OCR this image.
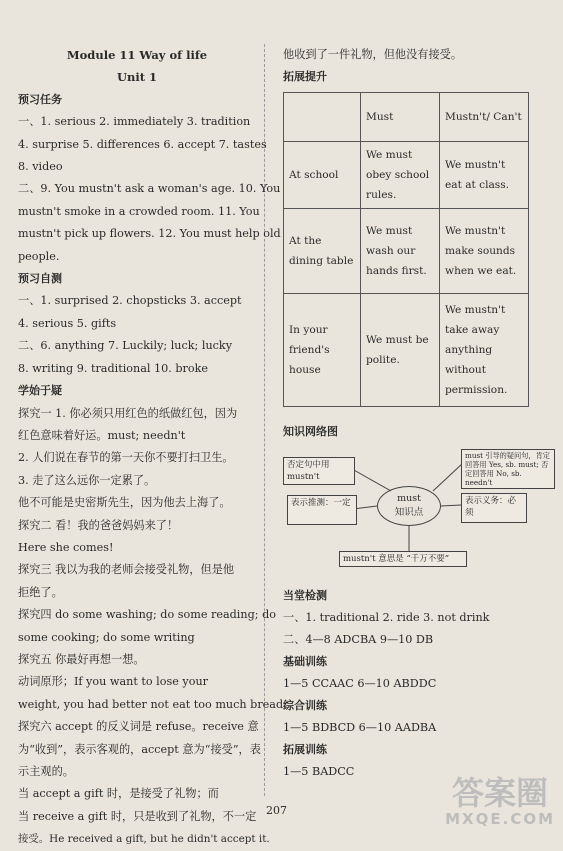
Module 11 Way of life
Unit 1
预习任务
一、1. serious 2. immediately 3. tradition
4. surprise 5. differences 6. accept 7. tastes
8. video
二、9. You mustn't ask a woman's age. 10. You
mustn't smoke in a crowded room. 11. You
mustn't pick up flowers. 12. You must help old
people.
预习自测
一、1. surprised 2. chopsticks 3. accept
4. serious 5. gifts
二、6. anything 7. Luckily; luck; lucky
8. writing 9. traditional 10. broke
学始于疑
探究一 1. 你必须只用红色的纸做红包，因为
红色意味着好运。must; needn't
2. 人们说在春节的第一天你不要打扫卫生。
3. 走了这么远你一定累了。
他不可能是史密斯先生，因为他去上海了。
探究二 看！我的爸爸妈妈来了！
Here she comes!
探究三 我以为我的老师会接受礼物，但是他
拒绝了。
探究四 do some washing; do some reading; do
some cooking; do some writing
探究五 你最好再想一想。
动词原形；If you want to lose your
weight, you had better not eat too much bread.
探究六 accept 的反义词是 refuse。receive 意
为“收到”，表示客观的，accept 意为“接受”，表
示主观的。
当 accept a gift 时，是接受了礼物；而
当 receive a gift 时，只是收到了礼物，不一定
接受。He received a gift, but he didn't accept it.
他收到了一件礼物，但他没有接受。
拓展提升
	Must	Mustn't/ Can't
At school	We must obey school rules.	We mustn't eat at class.
At the dining table	We must wash our hands first.	We mustn't make sounds when we eat.
In your friend's house	We must be polite.	We mustn't take away anything without permission.
知识网络图
否定句中用 mustn't
must 引导的疑问句，肯定回答用 Yes, sb. must; 否定回答用 No, sb. needn't
表示推测：一定	must
知识点
表示义务：必须
mustn't 意思是 “千万不要”
当堂检测
一、1. traditional 2. ride 3. not drink
二、4—8 ADCBA 9—10 DB
基础训练
1—5 CCAAC 6—10 ABDDC
综合训练
1—5 BDBCD 6—10 AADBA
拓展训练
1—5 BADCC
207	答案圈
MXQE.COM
